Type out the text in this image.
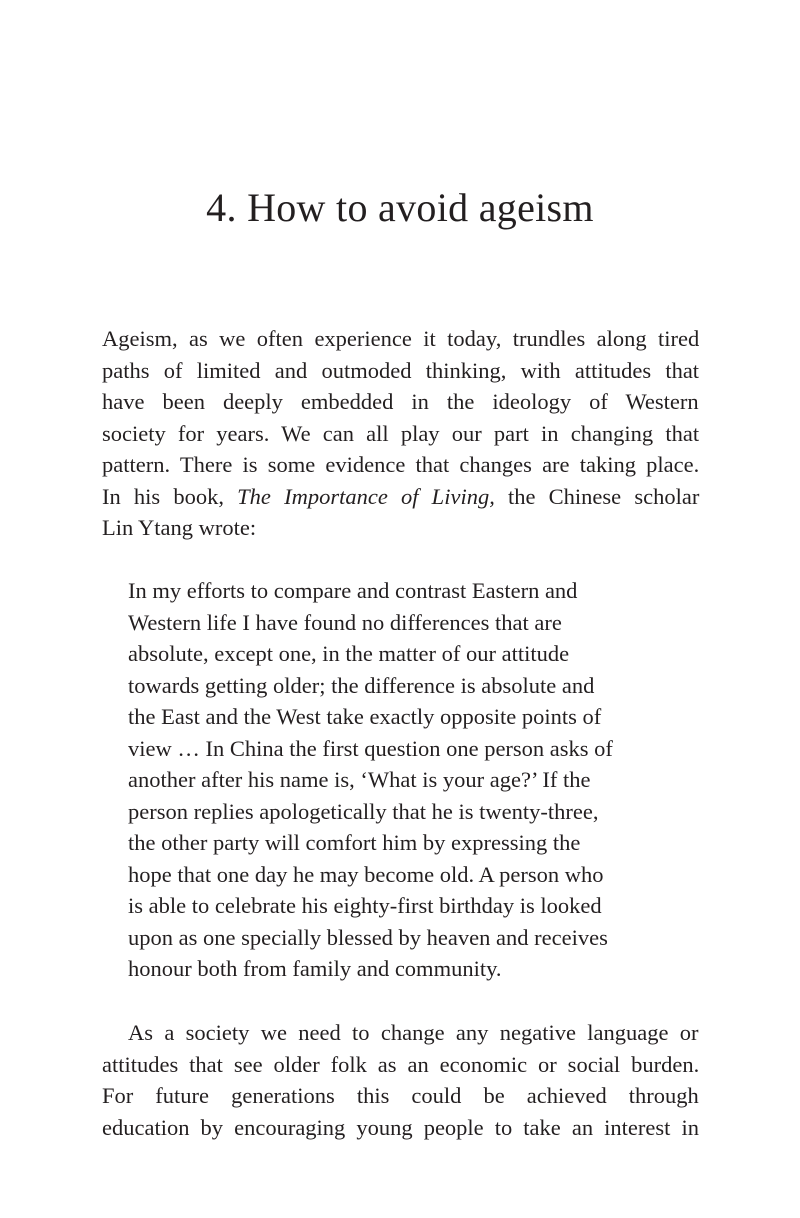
4. How to avoid ageism
Ageism, as we often experience it today, trundles along tired
paths of limited and outmoded thinking, with attitudes that
have been deeply embedded in the ideology of Western
society for years. We can all play our part in changing that
pattern. There is some evidence that changes are taking place.
In his book, The Importance of Living, the Chinese scholar
Lin Ytang wrote:
In my efforts to compare and contrast Eastern and
Western life I have found no differences that are
absolute, except one, in the matter of our attitude
towards getting older; the difference is absolute and
the East and the West take exactly opposite points of
view … In China the first question one person asks of
another after his name is, ‘What is your age?’ If the
person replies apologetically that he is twenty-three,
the other party will comfort him by expressing the
hope that one day he may become old. A person who
is able to celebrate his eighty-first birthday is looked
upon as one specially blessed by heaven and receives
honour both from family and community.
As a society we need to change any negative language or
attitudes that see older folk as an economic or social burden.
For future generations this could be achieved through
education by encouraging young people to take an interest in
